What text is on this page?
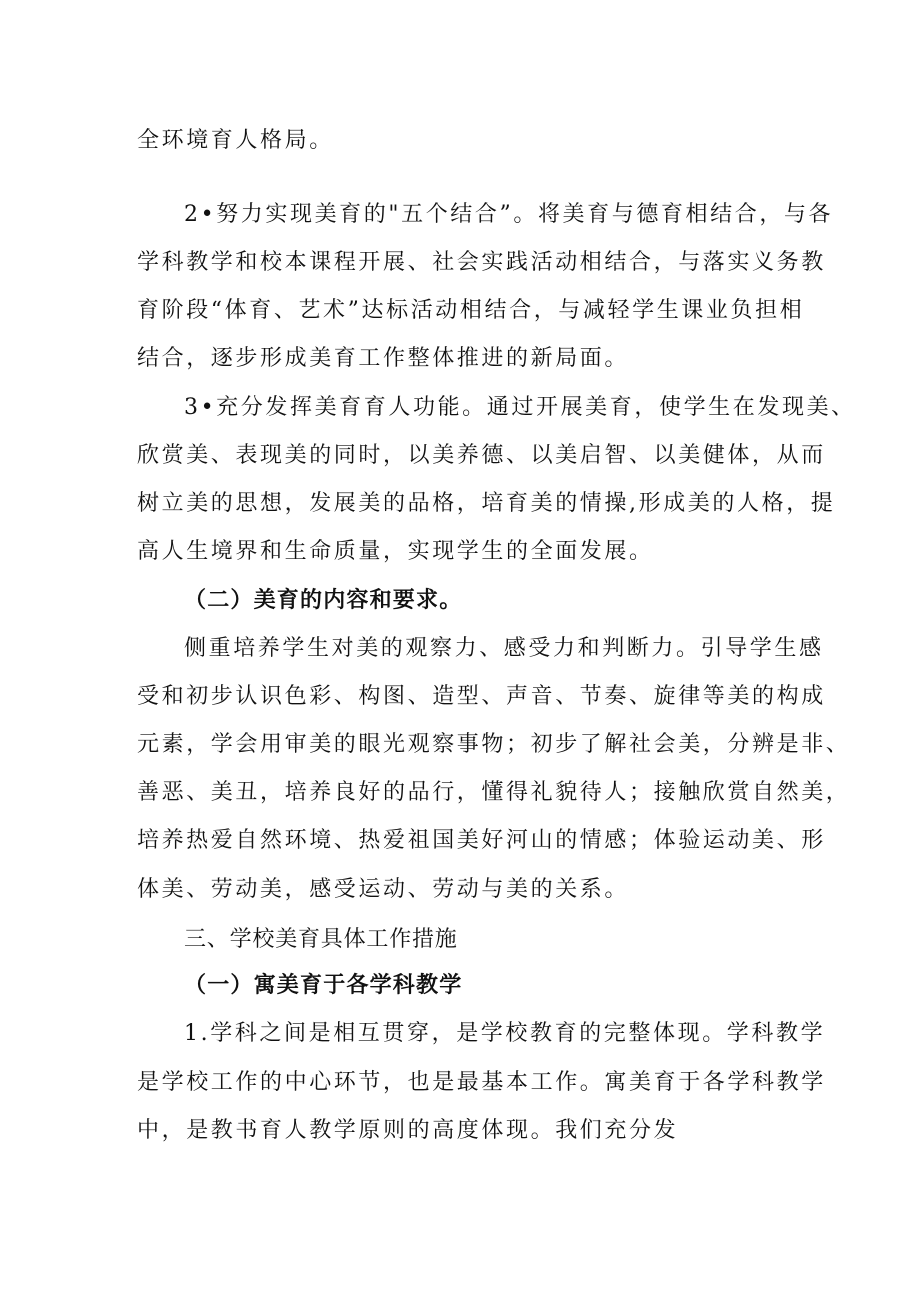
全环境育人格局。
2•努力实现美育的"五个结合”。将美育与德育相结合，与各
学科教学和校本课程开展、社会实践活动相结合，与落实义务教
育阶段“体育、艺术”达标活动相结合，与减轻学生课业负担相
结合，逐步形成美育工作整体推进的新局面。
3•充分发挥美育育人功能。通过开展美育，使学生在发现美、
欣赏美、表现美的同时，以美养德、以美启智、以美健体，从而
树立美的思想，发展美的品格，培育美的情操,形成美的人格，提
高人生境界和生命质量，实现学生的全面发展。
（二）美育的内容和要求。
侧重培养学生对美的观察力、感受力和判断力。引导学生感
受和初步认识色彩、构图、造型、声音、节奏、旋律等美的构成
元素，学会用审美的眼光观察事物；初步了解社会美，分辨是非、
善恶、美丑，培养良好的品行，懂得礼貌待人；接触欣赏自然美，
培养热爱自然环境、热爱祖国美好河山的情感；体验运动美、形
体美、劳动美，感受运动、劳动与美的关系。
三、学校美育具体工作措施
（一）寓美育于各学科教学
1.学科之间是相互贯穿，是学校教育的完整体现。学科教学
是学校工作的中心环节，也是最基本工作。寓美育于各学科教学
中，是教书育人教学原则的高度体现。我们充分发
